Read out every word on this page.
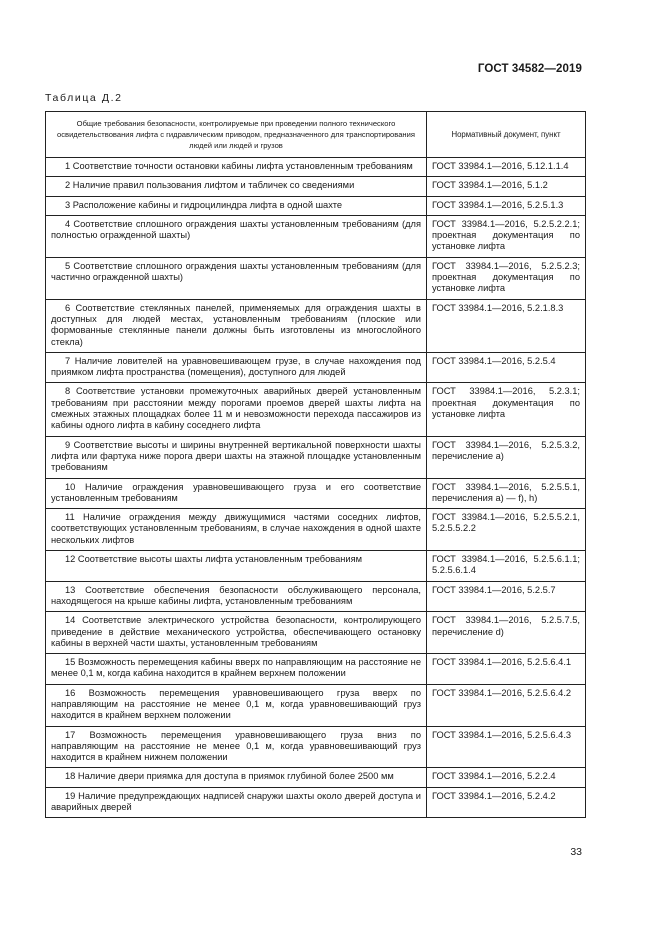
ГОСТ 34582—2019
Таблица Д.2
Общие требования безопасности, контролируемые при проведении полного технического освидетельствования лифта с гидравлическим приводом, предназначенного для транспортирования людей или людей и грузов	Нормативный документ, пункт
1 Соответствие точности остановки кабины лифта установленным требованиям	ГОСТ 33984.1—2016, 5.12.1.1.4
2 Наличие правил пользования лифтом и табличек со сведениями	ГОСТ 33984.1—2016, 5.1.2
3 Расположение кабины и гидроцилиндра лифта в одной шахте	ГОСТ 33984.1—2016, 5.2.5.1.3
4 Соответствие сплошного ограждения шахты установленным требованиям (для полностью огражденной шахты)	ГОСТ 33984.1—2016, 5.2.5.2.2.1; проектная документация по установке лифта
5 Соответствие сплошного ограждения шахты установленным требованиям (для частично огражденной шахты)	ГОСТ 33984.1—2016, 5.2.5.2.3; проектная документация по установке лифта
6 Соответствие стеклянных панелей, применяемых для ограждения шахты в доступных для людей местах, установленным требованиям (плоские или формованные стеклянные панели должны быть изготовлены из многослойного стекла)	ГОСТ 33984.1—2016, 5.2.1.8.3
7 Наличие ловителей на уравновешивающем грузе, в случае нахождения под приямком лифта пространства (помещения), доступного для людей	ГОСТ 33984.1—2016, 5.2.5.4
8 Соответствие установки промежуточных аварийных дверей установленным требованиям при расстоянии между порогами проемов дверей шахты лифта на смежных этажных площадках более 11 м и невозможности перехода пассажиров из кабины одного лифта в кабину соседнего лифта	ГОСТ 33984.1—2016, 5.2.3.1; проектная документация по установке лифта
9 Соответствие высоты и ширины внутренней вертикальной поверхности шахты лифта или фартука ниже порога двери шахты на этажной площадке установленным требованиям	ГОСТ 33984.1—2016, 5.2.5.3.2, перечисление а)
10 Наличие ограждения уравновешивающего груза и его соответствие установленным требованиям	ГОСТ 33984.1—2016, 5.2.5.5.1, перечисления а) — f), h)
11 Наличие ограждения между движущимися частями соседних лифтов, соответствующих установленным требованиям, в случае нахождения в одной шахте нескольких лифтов	ГОСТ 33984.1—2016, 5.2.5.5.2.1, 5.2.5.5.2.2
12 Соответствие высоты шахты лифта установленным требованиям	ГОСТ 33984.1—2016, 5.2.5.6.1.1; 5.2.5.6.1.4
13 Соответствие обеспечения безопасности обслуживающего персонала, находящегося на крыше кабины лифта, установленным требованиям	ГОСТ 33984.1—2016, 5.2.5.7
14 Соответствие электрического устройства безопасности, контролирующего приведение в действие механического устройства, обеспечивающего остановку кабины в верхней части шахты, установленным требованиям	ГОСТ 33984.1—2016, 5.2.5.7.5, перечисление d)
15 Возможность перемещения кабины вверх по направляющим на расстояние не менее 0,1 м, когда кабина находится в крайнем верхнем положении	ГОСТ 33984.1—2016, 5.2.5.6.4.1
16 Возможность перемещения уравновешивающего груза вверх по направляющим на расстояние не менее 0,1 м, когда уравновешивающий груз находится в крайнем верхнем положении	ГОСТ 33984.1—2016, 5.2.5.6.4.2
17 Возможность перемещения уравновешивающего груза вниз по направляющим на расстояние не менее 0,1 м, когда уравновешивающий груз находится в крайнем нижнем положении	ГОСТ 33984.1—2016, 5.2.5.6.4.3
18 Наличие двери приямка для доступа в приямок глубиной более 2500 мм	ГОСТ 33984.1—2016, 5.2.2.4
19 Наличие предупреждающих надписей снаружи шахты около дверей доступа и аварийных дверей	ГОСТ 33984.1—2016, 5.2.4.2
33
